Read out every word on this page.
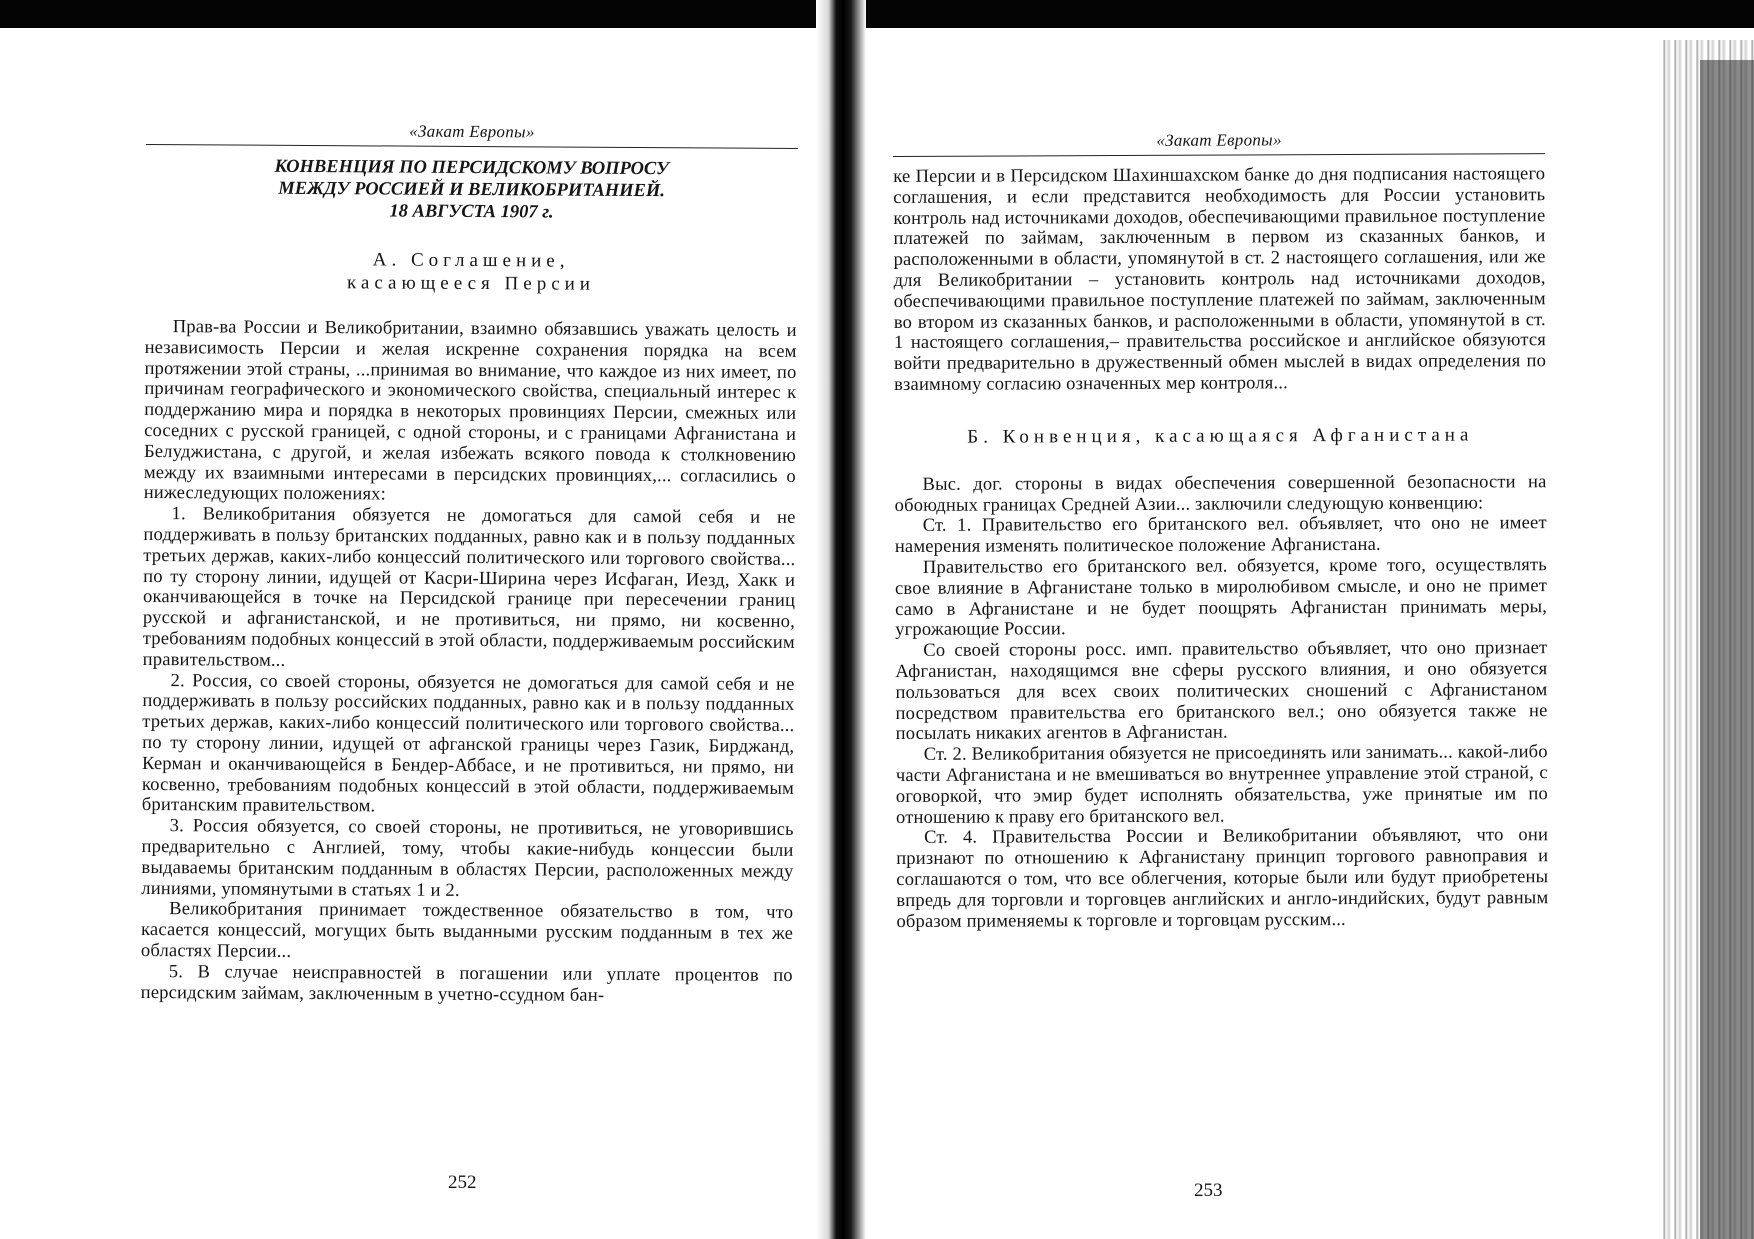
«Закат Европы»
КОНВЕНЦИЯ ПО ПЕРСИДСКОМУ ВОПРОСУ
МЕЖДУ РОССИЕЙ И ВЕЛИКОБРИТАНИЕЙ.
18 АВГУСТА 1907 г.
А. Соглашение,
касающееся Персии

Прав-ва России и Великобритании, взаимно обязавшись уважать целость и независимость Персии и желая искренне сохранения порядка на всем протяжении этой страны, ...принимая во внимание, что каждое из них имеет, по причинам географического и экономического свойства, специальный интерес к поддержанию мира и порядка в некоторых провинциях Персии, смежных или соседних с русской границей, с одной стороны, и с границами Афганистана и Белуджистана, с другой, и желая избежать всякого повода к столкновению между их взаимными интересами в персидских провинциях,... согласились о нижеследующих положениях:

1. Великобритания обязуется не домогаться для самой себя и не поддерживать в пользу британских подданных, равно как и в пользу подданных третьих держав, каких-либо концессий политического или торгового свойства... по ту сторону линии, идущей от Касри-Ширина через Исфаган, Иезд, Хакк и оканчивающейся в точке на Персидской границе при пересечении границ русской и афганистанской, и не противиться, ни прямо, ни косвенно, требованиям подобных концессий в этой области, поддерживаемым российским правительством...

2. Россия, со своей стороны, обязуется не домогаться для самой себя и не поддерживать в пользу российских подданных, равно как и в пользу подданных третьих держав, каких-либо концессий политического или торгового свойства... по ту сторону линии, идущей от афганской границы через Газик, Бирджанд, Керман и оканчивающейся в Бендер-Аббасе, и не противиться, ни прямо, ни косвенно, требованиям подобных концессий в этой области, поддерживаемым британским правительством.

3. Россия обязуется, со своей стороны, не противиться, не уговорившись предварительно с Англией, тому, чтобы какие-нибудь концессии были выдаваемы британским подданным в областях Персии, расположенных между линиями, упомянутыми в статьях 1 и 2.

Великобритания принимает тождественное обязательство в том, что касается концессий, могущих быть выданными русским подданным в тех же областях Персии...

5. В случае неисправностей в погашении или уплате процентов по персидским займам, заключенным в учетно-ссудном бан-

252
«Закат Европы»

ке Персии и в Персидском Шахиншахском банке до дня подписания настоящего соглашения, и если представится необходимость для России установить контроль над источниками доходов, обеспечивающими правильное поступление платежей по займам, заключенным в первом из сказанных банков, и расположенными в области, упомянутой в ст. 2 настоящего соглашения, или же для Великобритании – установить контроль над источниками доходов, обеспечивающими правильное поступление платежей по займам, заключенным во втором из сказанных банков, и расположенными в области, упомянутой в ст. 1 настоящего соглашения,– правительства российское и английское обязуются войти предварительно в дружественный обмен мыслей в видах определения по взаимному согласию означенных мер контроля...

Б. Конвенция, касающаяся Афганистана

Выс. дог. стороны в видах обеспечения совершенной безопасности на обоюдных границах Средней Азии... заключили следующую конвенцию:

Ст. 1. Правительство его британского вел. объявляет, что оно не имеет намерения изменять политическое положение Афганистана.

Правительство его британского вел. обязуется, кроме того, осуществлять свое влияние в Афганистане только в миролюбивом смысле, и оно не примет само в Афганистане и не будет поощрять Афганистан принимать меры, угрожающие России.

Со своей стороны росс. имп. правительство объявляет, что оно признает Афганистан, находящимся вне сферы русского влияния, и оно обязуется пользоваться для всех своих политических сношений с Афганистаном посредством правительства его британского вел.; оно обязуется также не посылать никаких агентов в Афганистан.

Ст. 2. Великобритания обязуется не присоединять или занимать... какой-либо части Афганистана и не вмешиваться во внутреннее управление этой страной, с оговоркой, что эмир будет исполнять обязательства, уже принятые им по отношению к праву его британского вел.

Ст. 4. Правительства России и Великобритании объявляют, что они признают по отношению к Афганистану принцип торгового равноправия и соглашаются о том, что все облегчения, которые были или будут приобретены впредь для торговли и торговцев английских и англо-индийских, будут равным образом применяемы к торговле и торговцам русским...

253
